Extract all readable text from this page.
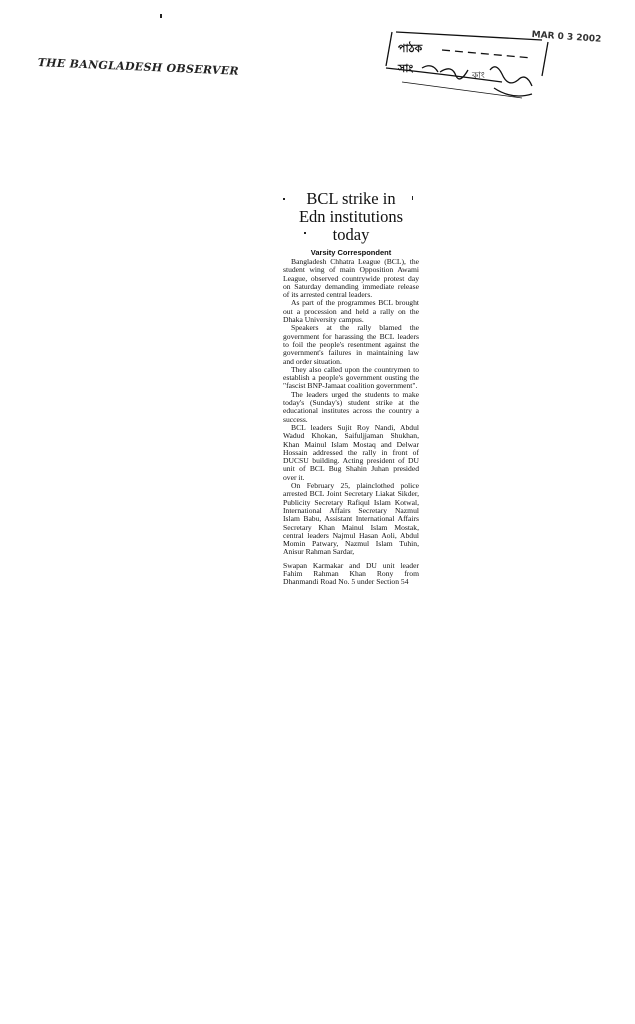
THE BANGLADESH OBSERVER
MAR 0 3 2002
পাঠক
সাং
কাং
BCL strike in
Edn institutions
today
Varsity Correspondent

Bangladesh Chhatra League (BCL), the student wing of main Opposition Awami League, observed countrywide protest day on Saturday demanding immediate release of its arrested central leaders.

As part of the programmes BCL brought out a procession and held a rally on the Dhaka University campus.

Speakers at the rally blamed the government for harassing the BCL leaders to foil the people's resentment against the government's failures in maintaining law and order situation.

They also called upon the countrymen to establish a people's government ousting the "fascist BNP-Jamaat coalition government".

The leaders urged the students to make today's (Sunday's) student strike at the educational institutes across the country a success.

BCL leaders Sujit Roy Nandi, Abdul Wadud Khokan, Saifuljjaman Shukhan, Khan Mainul Islam Mostaq and Delwar Hossain addressed the rally in front of DUCSU building. Acting president of DU unit of BCL Bug Shahin Juhan presided over it.

On February 25, plainclothed police arrested BCL Joint Secretary Liakat Sikder, Publicity Secretary Rafiqul Islam Kotwal, International Affairs Secretary Nazmul Islam Babu, Assistant International Affairs Secretary Khan Mainul Islam Mostak, central leaders Najmul Hasan Aoli, Abdul Momin Patwary, Nazmul Islam Tuhin, Anisur Rahman Sardar,

Swapan Karmakar and DU unit leader Fahim Rahman Khan Rony from Dhanmandi Road No. 5 under Section 54
